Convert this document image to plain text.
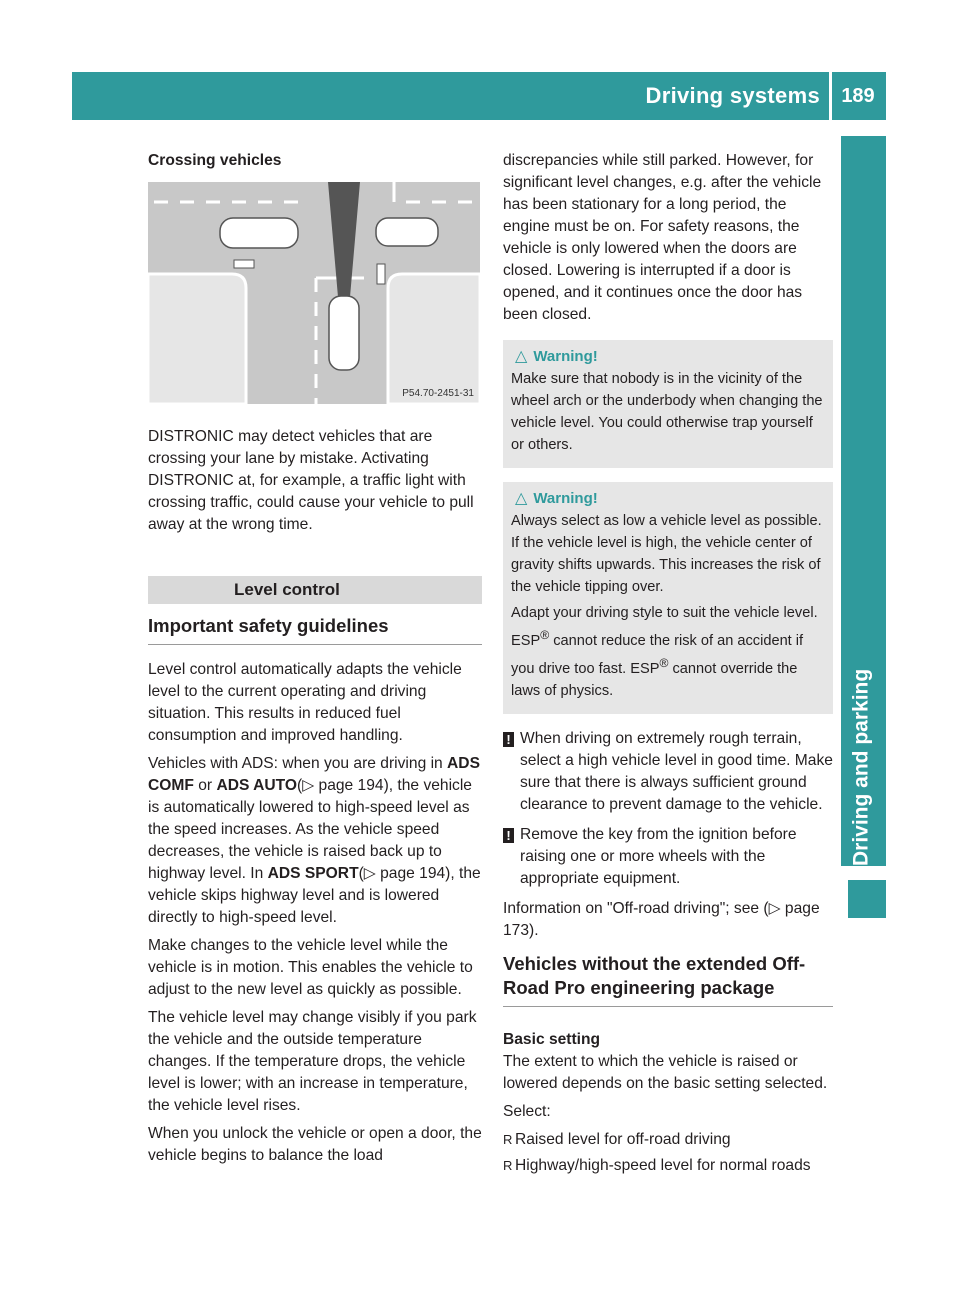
Driving systems 189
Driving and parking

Crossing vehicles

P54.70-2451-31

DISTRONIC may detect vehicles that are crossing your lane by mistake. Activating DISTRONIC at, for example, a traffic light with crossing traffic, could cause your vehicle to pull away at the wrong time.

Level control
Important safety guidelines

Level control automatically adapts the vehicle level to the current operating and driving situation. This results in reduced fuel consumption and improved handling.

Vehicles with ADS: when you are driving in ADS COMF or ADS AUTO(▷ page 194), the vehicle is automatically lowered to high-speed level as the speed increases. As the vehicle speed decreases, the vehicle is raised back up to highway level. In ADS SPORT(▷ page 194), the vehicle skips highway level and is lowered directly to high-speed level.

Make changes to the vehicle level while the vehicle is in motion. This enables the vehicle to adjust to the new level as quickly as possible.

The vehicle level may change visibly if you park the vehicle and the outside temperature changes. If the temperature drops, the vehicle level is lower; with an increase in temperature, the vehicle level rises.

When you unlock the vehicle or open a door, the vehicle begins to balance the load

discrepancies while still parked. However, for significant level changes, e.g. after the vehicle has been stationary for a long period, the engine must be on. For safety reasons, the vehicle is only lowered when the doors are closed. Lowering is interrupted if a door is opened, and it continues once the door has been closed.

△ Warning!

Make sure that nobody is in the vicinity of the wheel arch or the underbody when changing the vehicle level. You could otherwise trap yourself or others.

△ Warning!

Always select as low a vehicle level as possible. If the vehicle level is high, the vehicle center of gravity shifts upwards. This increases the risk of the vehicle tipping over.

Adapt your driving style to suit the vehicle level. ESP® cannot reduce the risk of an accident if you drive too fast. ESP® cannot override the laws of physics.

! When driving on extremely rough terrain, select a high vehicle level in good time. Make sure that there is always sufficient ground clearance to prevent damage to the vehicle.
! Remove the key from the ignition before raising one or more wheels with the appropriate equipment.

Information on "Off-road driving"; see (▷ page 173).

Vehicles without the extended Off-Road Pro engineering package

Basic setting

The extent to which the vehicle is raised or lowered depends on the basic setting selected.

Select:

R Raised level for off-road driving
R Highway/high-speed level for normal roads
